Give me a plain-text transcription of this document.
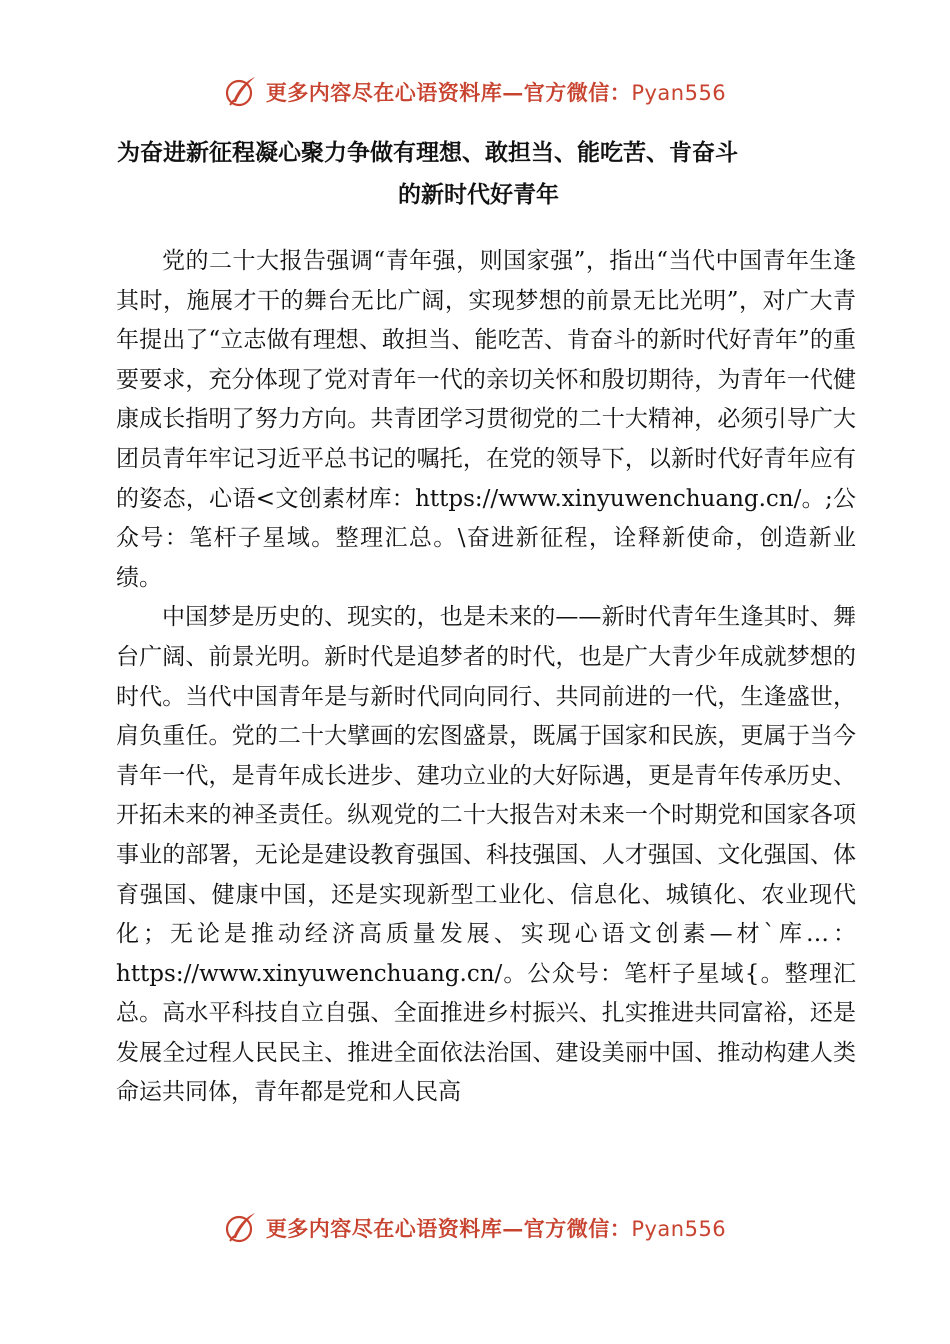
更多内容尽在心语资料库—官方微信：Pyan556
为奋进新征程凝心聚力争做有理想、敢担当、能吃苦、肯奋斗
的新时代好青年

党的二十大报告强调“青年强，则国家强”，指出“当代中国青年生逢其时，施展才干的舞台无比广阔，实现梦想的前景无比光明”，对广大青年提出了“立志做有理想、敢担当、能吃苦、肯奋斗的新时代好青年”的重要要求，充分体现了党对青年一代的亲切关怀和殷切期待，为青年一代健康成长指明了努力方向。共青团学习贯彻党的二十大精神，必须引导广大团员青年牢记习近平总书记的嘱托，在党的领导下，以新时代好青年应有的姿态，心语<文创素材库：https://www.xinyuwenchuang.cn/。;公众号：笔杆子星域。整理汇总。\奋进新征程，诠释新使命，创造新业绩。

中国梦是历史的、现实的，也是未来的——新时代青年生逢其时、舞台广阔、前景光明。新时代是追梦者的时代，也是广大青少年成就梦想的时代。当代中国青年是与新时代同向同行、共同前进的一代，生逢盛世，肩负重任。党的二十大擘画的宏图盛景，既属于国家和民族，更属于当今青年一代，是青年成长进步、建功立业的大好际遇，更是青年传承历史、开拓未来的神圣责任。纵观党的二十大报告对未来一个时期党和国家各项事业的部署，无论是建设教育强国、科技强国、人才强国、文化强国、体育强国、健康中国，还是实现新型工业化、信息化、城镇化、农业现代化；无论是推动经济高质量发展、实现心语文创素—材`库…：https://www.xinyuwenchuang.cn/。公众号：笔杆子星域{。整理汇总。高水平科技自立自强、全面推进乡村振兴、扎实推进共同富裕，还是发展全过程人民民主、推进全面依法治国、建设美丽中国、推动构建人类命运共同体，青年都是党和人民高

更多内容尽在心语资料库—官方微信：Pyan556
